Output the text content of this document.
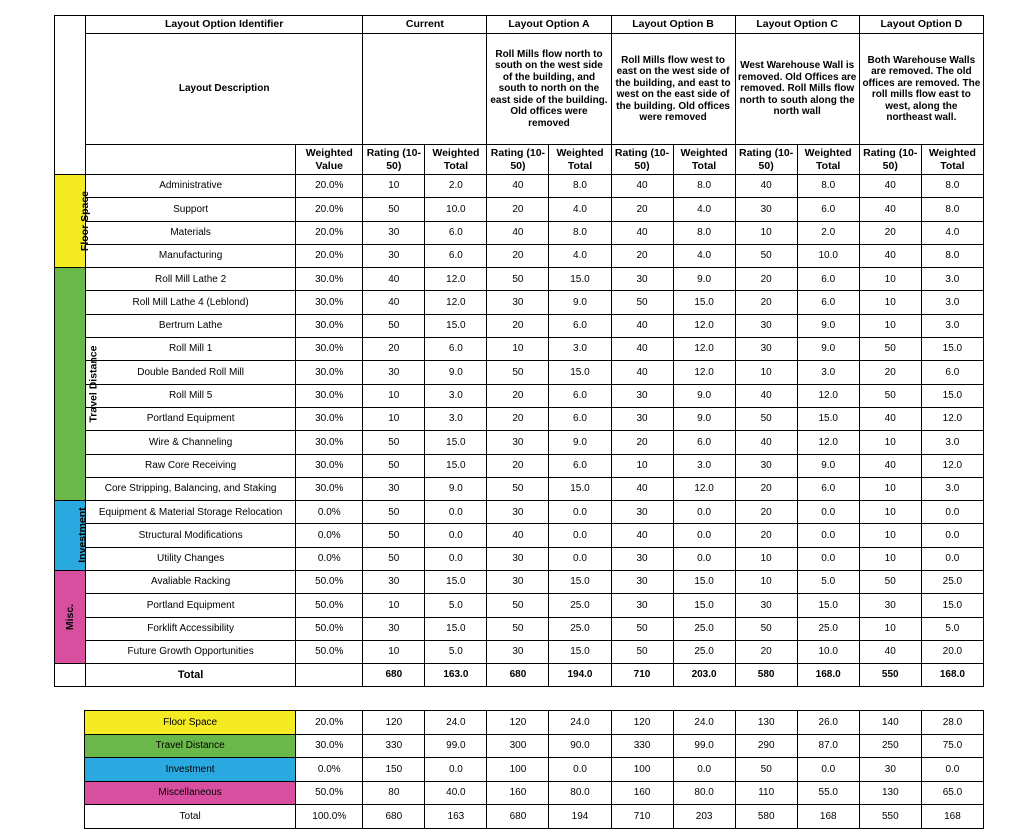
	Layout Option Identifier		Current		Layout Option A		Layout Option B		Layout Option C		Layout Option D	
	Layout Description				Roll Mills flow north to south on the west side of the building, and south to north on the east side of the building. Old offices were removed		Roll Mills flow west to east on the west side of the building, and east to west on the east side of the building. Old offices were removed		West Warehouse Wall is removed. Old Offices are removed. Roll Mills flow north to south along the north wall		Both Warehouse Walls are removed. The old offices are removed. The roll mills flow east to west, along the northeast wall.	
		Weighted Value	Rating (10-50)	Weighted Total	Rating (10-50)	Weighted Total	Rating (10-50)	Weighted Total	Rating (10-50)	Weighted Total	Rating (10-50)	Weighted Total
Floor Space	Administrative	20.0%	10	2.0	40	8.0	40	8.0	40	8.0	40	8.0
	Support	20.0%	50	10.0	20	4.0	20	4.0	30	6.0	40	8.0
	Materials	20.0%	30	6.0	40	8.0	40	8.0	10	2.0	20	4.0
	Manufacturing	20.0%	30	6.0	20	4.0	20	4.0	50	10.0	40	8.0
Travel Distance	Roll Mill Lathe 2	30.0%	40	12.0	50	15.0	30	9.0	20	6.0	10	3.0
	Roll Mill Lathe 4 (Leblond)	30.0%	40	12.0	30	9.0	50	15.0	20	6.0	10	3.0
	Bertrum Lathe	30.0%	50	15.0	20	6.0	40	12.0	30	9.0	10	3.0
	Roll Mill 1	30.0%	20	6.0	10	3.0	40	12.0	30	9.0	50	15.0
	Double Banded Roll Mill	30.0%	30	9.0	50	15.0	40	12.0	10	3.0	20	6.0
	Roll Mill 5	30.0%	10	3.0	20	6.0	30	9.0	40	12.0	50	15.0
	Portland Equipment	30.0%	10	3.0	20	6.0	30	9.0	50	15.0	40	12.0
	Wire & Channeling	30.0%	50	15.0	30	9.0	20	6.0	40	12.0	10	3.0
	Raw Core Receiving	30.0%	50	15.0	20	6.0	10	3.0	30	9.0	40	12.0
	Core Stripping, Balancing, and Staking	30.0%	30	9.0	50	15.0	40	12.0	20	6.0	10	3.0
Investment	Equipment & Material Storage Relocation	0.0%	50	0.0	30	0.0	30	0.0	20	0.0	10	0.0
	Structural Modifications	0.0%	50	0.0	40	0.0	40	0.0	20	0.0	10	0.0
	Utility Changes	0.0%	50	0.0	30	0.0	30	0.0	10	0.0	10	0.0
Misc.	Avaliable Racking	50.0%	30	15.0	30	15.0	30	15.0	10	5.0	50	25.0
	Portland Equipment	50.0%	10	5.0	50	25.0	30	15.0	30	15.0	30	15.0
	Forklift Accessibility	50.0%	30	15.0	50	25.0	50	25.0	50	25.0	10	5.0
	Future Growth Opportunities	50.0%	10	5.0	30	15.0	50	25.0	20	10.0	40	20.0
	Total		680	163.0	680	194.0	710	203.0	580	168.0	550	168.0
Floor Space	20.0%	120	24.0	120	24.0	120	24.0	130	26.0	140	28.0
Travel Distance	30.0%	330	99.0	300	90.0	330	99.0	290	87.0	250	75.0
Investment	0.0%	150	0.0	100	0.0	100	0.0	50	0.0	30	0.0
Miscellaneous	50.0%	80	40.0	160	80.0	160	80.0	110	55.0	130	65.0
Total	100.0%	680	163	680	194	710	203	580	168	550	168
